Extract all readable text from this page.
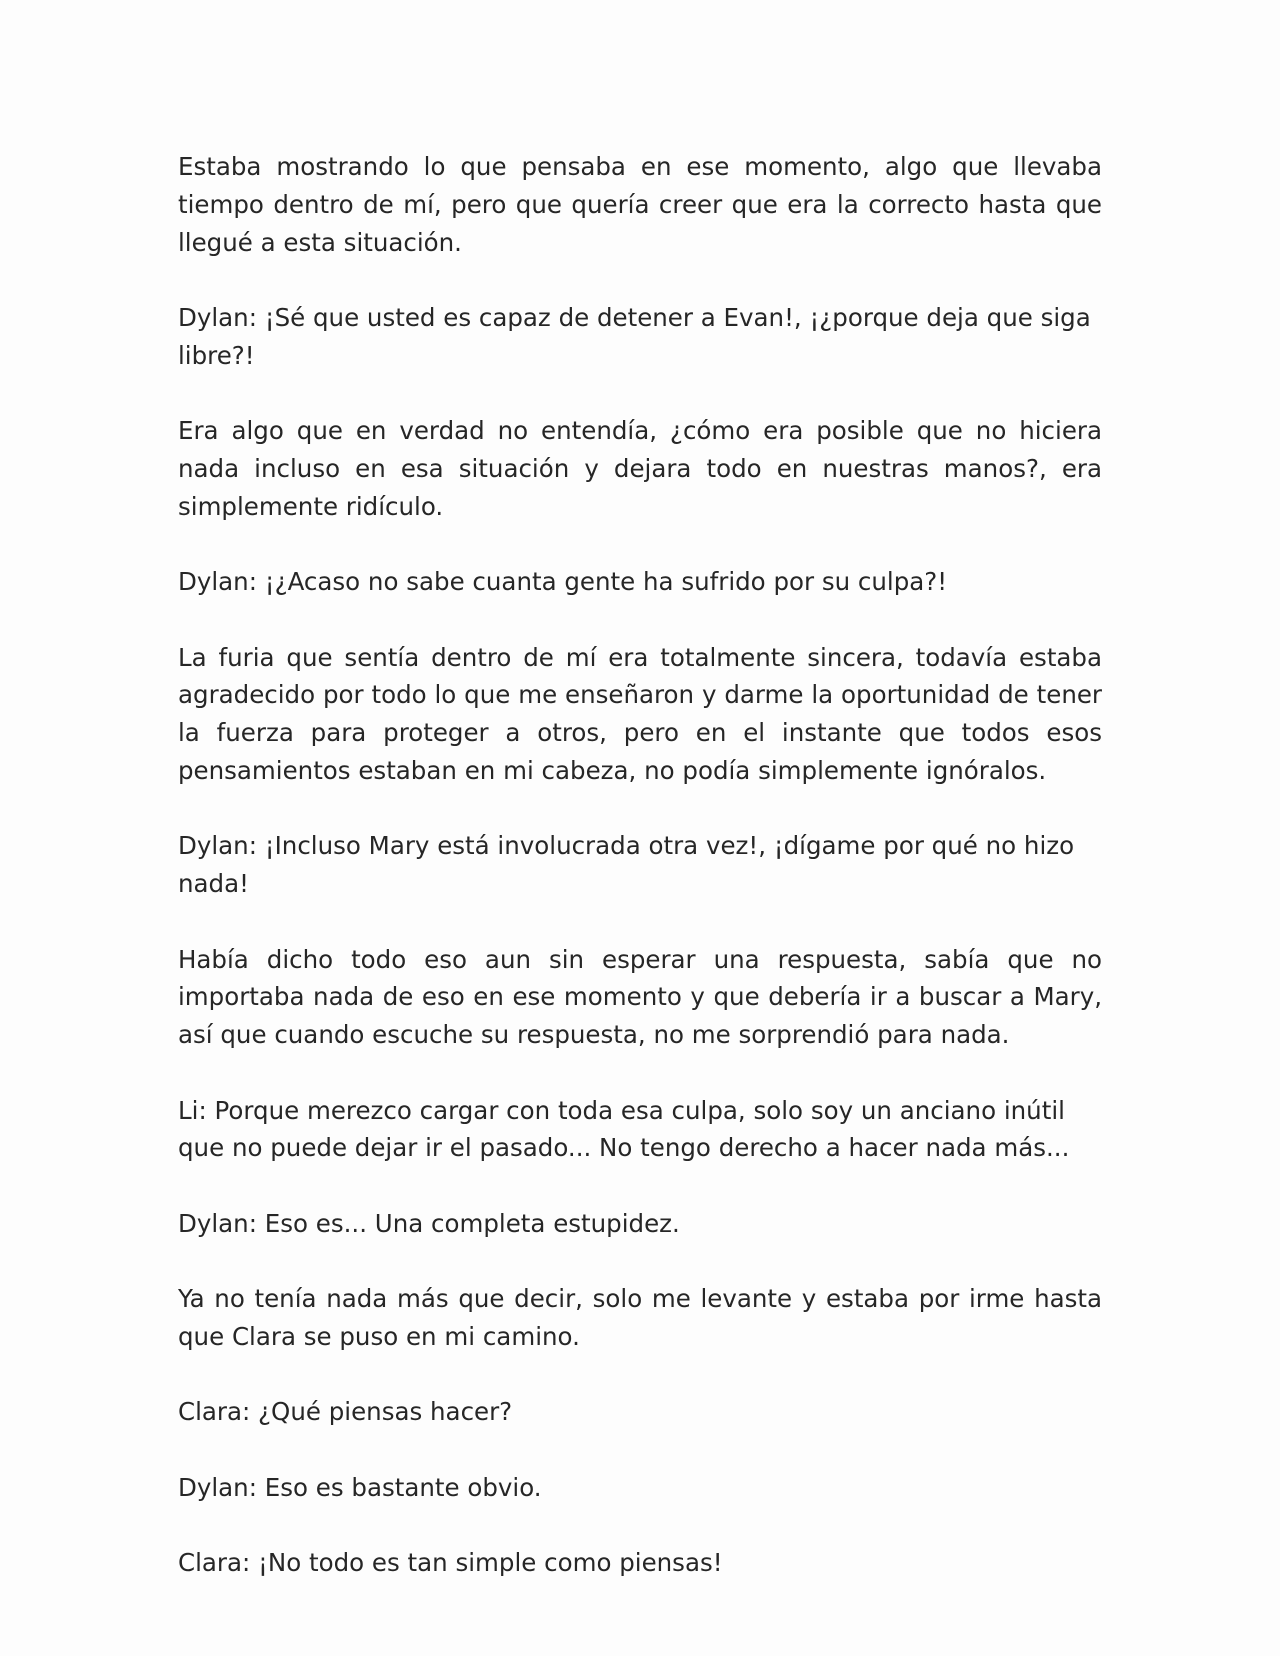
Estaba mostrando lo que pensaba en ese momento, algo que llevaba tiempo dentro de mí, pero que quería creer que era la correcto hasta que llegué a esta situación.

Dylan: ¡Sé que usted es capaz de detener a Evan!, ¡¿porque deja que siga libre?!

Era algo que en verdad no entendía, ¿cómo era posible que no hiciera nada incluso en esa situación y dejara todo en nuestras manos?, era simplemente ridículo.

Dylan: ¡¿Acaso no sabe cuanta gente ha sufrido por su culpa?!

La furia que sentía dentro de mí era totalmente sincera, todavía estaba agradecido por todo lo que me enseñaron y darme la oportunidad de tener la fuerza para proteger a otros, pero en el instante que todos esos pensamientos estaban en mi cabeza, no podía simplemente ignóralos.

Dylan: ¡Incluso Mary está involucrada otra vez!, ¡dígame por qué no hizo nada!

Había dicho todo eso aun sin esperar una respuesta, sabía que no importaba nada de eso en ese momento y que debería ir a buscar a Mary, así que cuando escuche su respuesta, no me sorprendió para nada.

Li: Porque merezco cargar con toda esa culpa, solo soy un anciano inútil que no puede dejar ir el pasado... No tengo derecho a hacer nada más...

Dylan: Eso es... Una completa estupidez.

Ya no tenía nada más que decir, solo me levante y estaba por irme hasta que Clara se puso en mi camino.

Clara: ¿Qué piensas hacer?

Dylan: Eso es bastante obvio.

Clara: ¡No todo es tan simple como piensas!
